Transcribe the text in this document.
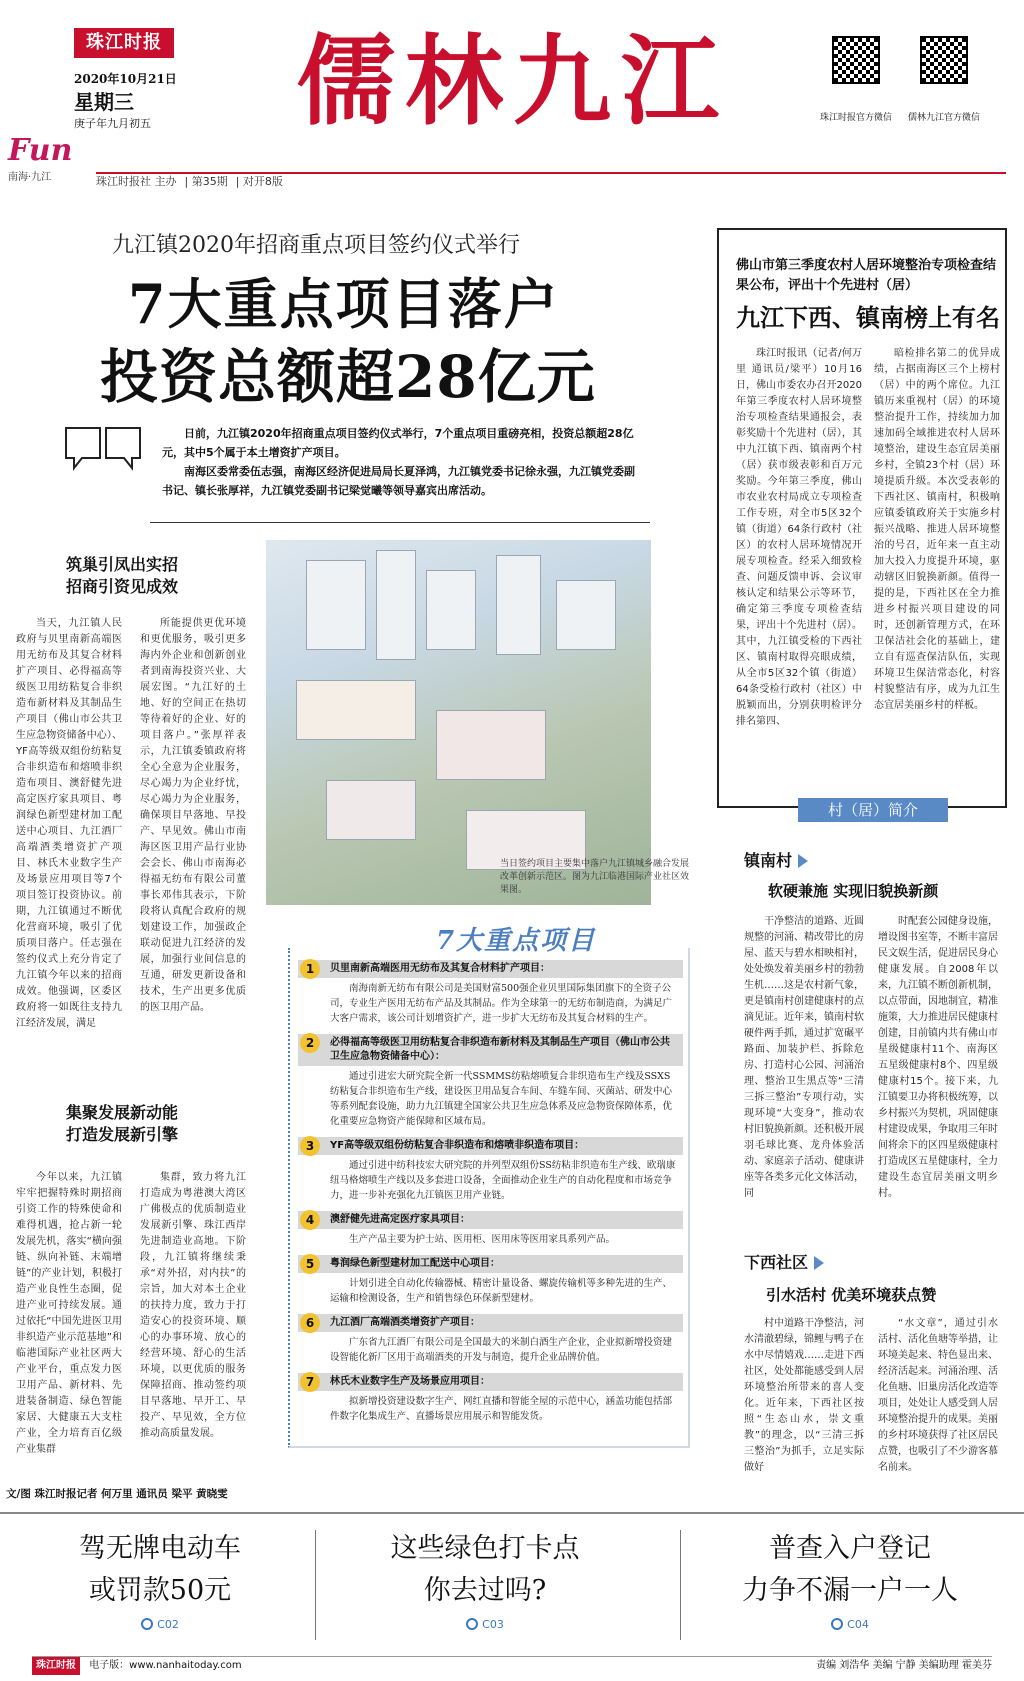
珠江时报
2020年10月21日
星期三
庚子年九月初五 儒林九江
Fun
南海·九江
珠江时报官方微信	儒林九江官方微信
珠江时报社 主办 | 第35期 | 对开8版
九江镇2020年招商重点项目签约仪式举行
7大重点项目落户
投资总额超28亿元

日前，九江镇2020年招商重点项目签约仪式举行，7个重点项目重磅亮相，投资总额超28亿元，其中5个属于本土增资扩产项目。

南海区委常委伍志强，南海区经济促进局局长夏泽鸿，九江镇党委书记徐永强，九江镇党委副书记、镇长张厚祥，九江镇党委副书记梁觉曦等领导嘉宾出席活动。

筑巢引凤出实招
招商引资见成效

当天，九江镇人民政府与贝里南新高端医用无纺布及其复合材料扩产项目、必得福高等级医卫用纺粘复合非织造布新材料及其制品生产项目（佛山市公共卫生应急物资储备中心）、YF高等级双组份纺粘复合非织造布和熔喷非织造布项目、澳舒健先进高定医疗家具项目、粤润绿色新型建材加工配送中心项目、九江酒厂高端酒类增资扩产项目、林氏木业数字生产及场景应用项目等7个项目签订投资协议。前期，九江镇通过不断优化营商环境，吸引了优质项目落户。任志强在签约仪式上充分肯定了九江镇今年以来的招商成效。他强调，区委区政府将一如既往支持九江经济发展，满足

所能提供更优环境和更优服务，吸引更多海内外企业和创新创业者到南海投资兴业、大展宏图。“九江好的土地、好的空间正在热切等待着好的企业、好的项目落户。”张厚祥表示，九江镇委镇政府将全心全意为企业服务，尽心竭力为企业纾忧，尽心竭力为企业服务，确保项目早落地、早投产、早见效。佛山市南海区医卫用产品行业协会会长、佛山市南海必得福无纺布有限公司董事长邓伟其表示，下阶段将认真配合政府的规划建设工作，加强政企联动促进九江经济的发展，加强行业间信息的互通，研发更新设备和技术，生产出更多优质的医卫用产品。

集聚发展新动能
打造发展新引擎

今年以来，九江镇牢牢把握特殊时期招商引资工作的特殊使命和难得机遇，抢占新一轮发展先机，落实“横向强链、纵向补链、末端增链”的产业计划，积极打造产业良性生态圈，促进产业可持续发展。通过依托“中国先进医卫用非织造产业示范基地”和临港国际产业社区两大产业平台，重点发力医卫用产品、新材料、先进装备制造、绿色智能家居、大健康五大支柱产业，全力培育百亿级产业集群

集群，致力将九江打造成为粤港澳大湾区广佛极点的优质制造业发展新引擎、珠江西岸先进制造业高地。下阶段，九江镇将继续秉承“对外招，对内扶”的宗旨，加大对本土企业的扶持力度，致力于打造安心的投资环境、顺心的办事环境、放心的经营环境、舒心的生活环境，以更优质的服务保障招商、推动签约项目早落地、早开工、早投产、早见效，全方位推动高质量发展。

当日签约项目主要集中落户九江镇城乡融合发展改革创新示范区。图为九江临港国际产业社区效果图。
7大重点项目
1	贝里南新高端医用无纺布及其复合材料扩产项目：
南海南新无纺布有限公司是美国财富500强企业贝里国际集团旗下的全资子公司，专业生产医用无纺布产品及其制品。作为全球第一的无纺布制造商，为满足广大客户需求，该公司计划增资扩产，进一步扩大无纺布及其复合材料的生产。
2	必得福高等级医卫用纺粘复合非织造布新材料及其制品生产项目（佛山市公共卫生应急物资储备中心）：
通过引进宏大研究院全新一代SSMMS纺粘熔喷复合非织造布生产线及SSXS纺粘复合非织造布生产线，建设医卫用品复合车间、车缝车间、灭菌站、研发中心等系列配套设施，助力九江镇建全国家公共卫生应急体系及应急物资保障体系，优化重要应急物资产能保障和区域布局。
3	YF高等级双组份纺粘复合非织造布和熔喷非织造布项目：
通过引进中纺科技宏大研究院的并列型双组份SS纺粘非织造布生产线、欧瑞康纽马格熔喷生产线以及多套进口设备，全面推动企业生产的自动化程度和市场竞争力，进一步补充强化九江镇医卫用产业链。
4	澳舒健先进高定医疗家具项目：
生产产品主要为护士站、医用柜、医用床等医用家具系列产品。
5	粤润绿色新型建材加工配送中心项目：
计划引进全自动化传输器械、精密计量设备、螺旋传输机等多种先进的生产、运输和检测设备，生产和销售绿色环保新型建材。
6	九江酒厂高端酒类增资扩产项目：
广东省九江酒厂有限公司是全国最大的米制白酒生产企业，企业拟新增投资建设智能化新厂区用于高端酒类的开发与制造，提升企业品牌价值。
7	林氏木业数字生产及场景应用项目：
拟新增投资建设数字生产、网红直播和智能全屋的示范中心，涵盖功能包括部件数字化集成生产、直播场景应用展示和智能发货。
文/图 珠江时报记者 何万里 通讯员 梁平 黄晓雯
佛山市第三季度农村人居环境整治专项检查结果公布，评出十个先进村（居）
九江下西、镇南榜上有名

珠江时报讯（记者/何万里 通讯员/梁平）10月16日，佛山市委农办召开2020年第三季度农村人居环境整治专项检查结果通报会，表彰奖励十个先进村（居），其中九江镇下西、镇南两个村（居）获市级表彰和百万元奖励。今年第三季度，佛山市农业农村局成立专项检查工作专班，对全市5区32个镇（街道）64条行政村（社区）的农村人居环境情况开展专项检查。经采入细致检查、问题反馈申诉、会议审核认定和结果公示等环节，确定第三季度专项检查结果，评出十个先进村（居）。其中，九江镇受检的下西社区、镇南村取得亮眼成绩，从全市5区32个镇（街道）64条受检行政村（社区）中脱颖而出，分别获明检评分排名第四、

暗检排名第二的优异成绩，占据南海区三个上榜村（居）中的两个席位。九江镇历来重视村（居）的环境整治提升工作，持续加力加速加码全域推进农村人居环境整治，建设生态宜居美丽乡村，全镇23个村（居）环境提质升级。本次受表彰的下西社区、镇南村，积极响应镇委镇政府关于实施乡村振兴战略、推进人居环境整治的号召，近年来一直主动加大投入力度提升环境，驱动辖区旧貌换新颜。值得一提的是，下西社区在全力推进乡村振兴项目建设的同时，还创新管理方式，在环卫保洁社会化的基础上，建立自有巡查保洁队伍，实现环境卫生保洁常态化，村容村貌整洁有序，成为九江生态宜居美丽乡村的样板。

村（居）简介
镇南村
软硬兼施 实现旧貌换新颜

干净整洁的道路、近圆规整的河涌、精改带比的房屋、蓝天与碧水相映相衬，处处焕发着美丽乡村的勃勃生机……这是农村新气象，更是镇南村创建健康村的点滴见证。近年来，镇南村软硬件两手抓，通过扩宽碾平路面、加装护栏、拆除危房、打造村心公园、河涌治理、整治卫生黑点等“三清三拆三整治”专项行动，实现环境“大变身”，推动农村旧貌换新颜。还积极开展羽毛球比赛、龙舟体验活动、家庭亲子活动、健康讲座等各类多元化文体活动，同

时配套公园健身设施，增设图书室等，不断丰富居民文娱生活，促进居民身心健康发展。自2008年以来，九江镇不断创新机制，以点带面，因地制宜，精准施策，大力推进居民健康村创建，目前镇内共有佛山市星级健康村11个、南海区五星级健康村8个、四星级健康村15个。接下来，九江镇要卫办将积极统筹，以乡村振兴为契机，巩固健康村建设成果，争取用三年时间将余下的区四星级健康村打造成区五星健康村，全力建设生态宜居美丽文明乡村。

下西社区
引水活村 优美环境获点赞

村中道路干净整洁，河水清澈碧绿，锦鲤与鸭子在水中尽情嬉戏……走进下西社区，处处都能感受到人居环境整治所带来的喜人变化。近年来，下西社区按照“生态山水，崇文重教”的理念，以“三清三拆三整治”为抓手，立足实际做好

“水文章”，通过引水活村、活化鱼塘等举措，让环境美起来、特色显出来、经济活起来。河涌治理、活化鱼塘、旧巢房活化改造等项目，处处让人感受到人居环境整治提升的成果。美丽的乡村环境获得了社区居民点赞，也吸引了不少游客慕名前来。

驾无牌电动车
或罚款50元
C02
这些绿色打卡点
你去过吗?
C03
普查入户登记
力争不漏一户一人
C04
珠江时报 电子版：www.nanhaitoday.com	责编 刘浩华 美编 宁静 美编助理 霍美芬
